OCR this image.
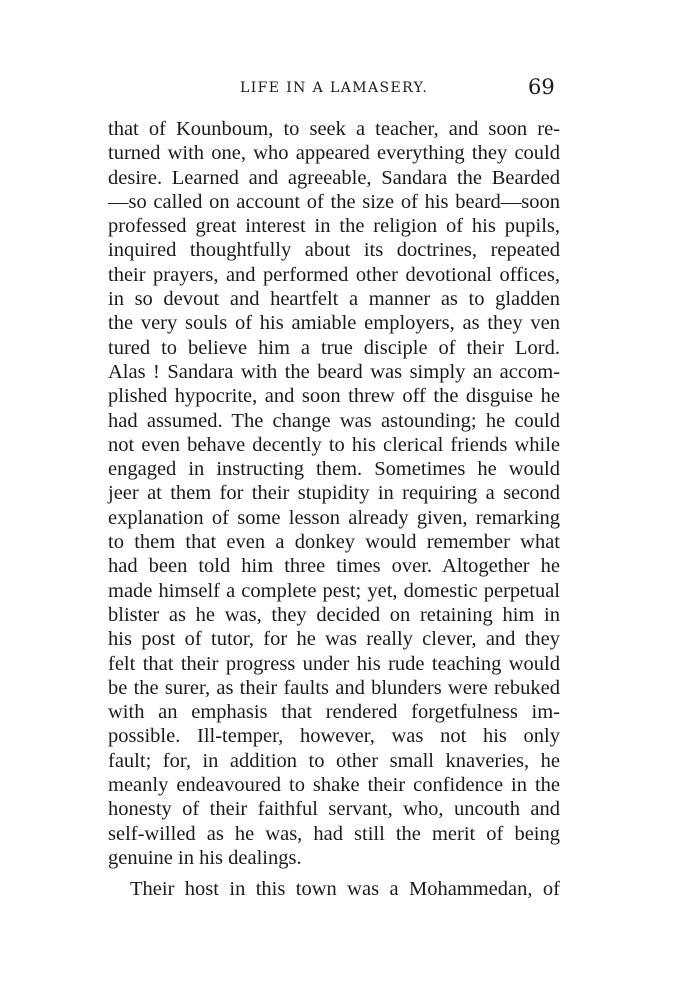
LIFE IN A LAMASERY.	69
that of Kounboum, to seek a teacher, and soon re-
turned with one, who appeared everything they could
desire. Learned and agreeable, Sandara the Bearded
—so called on account of the size of his beard—soon
professed great interest in the religion of his pupils,
inquired thoughtfully about its doctrines, repeated
their prayers, and performed other devotional offices,
in so devout and heartfelt a manner as to gladden
the very souls of his amiable employers, as they ven
tured to believe him a true disciple of their Lord.
Alas ! Sandara with the beard was simply an accom-
plished hypocrite, and soon threw off the disguise he
had assumed. The change was astounding; he could
not even behave decently to his clerical friends while
engaged in instructing them. Sometimes he would
jeer at them for their stupidity in requiring a second
explanation of some lesson already given, remarking
to them that even a donkey would remember what
had been told him three times over. Altogether he
made himself a complete pest; yet, domestic perpetual
blister as he was, they decided on retaining him in
his post of tutor, for he was really clever, and they
felt that their progress under his rude teaching would
be the surer, as their faults and blunders were rebuked
with an emphasis that rendered forgetfulness im-
possible. Ill-temper, however, was not his only
fault; for, in addition to other small knaveries, he
meanly endeavoured to shake their confidence in the
honesty of their faithful servant, who, uncouth and
self-willed as he was, had still the merit of being
genuine in his dealings.
Their host in this town was a Mohammedan, of
